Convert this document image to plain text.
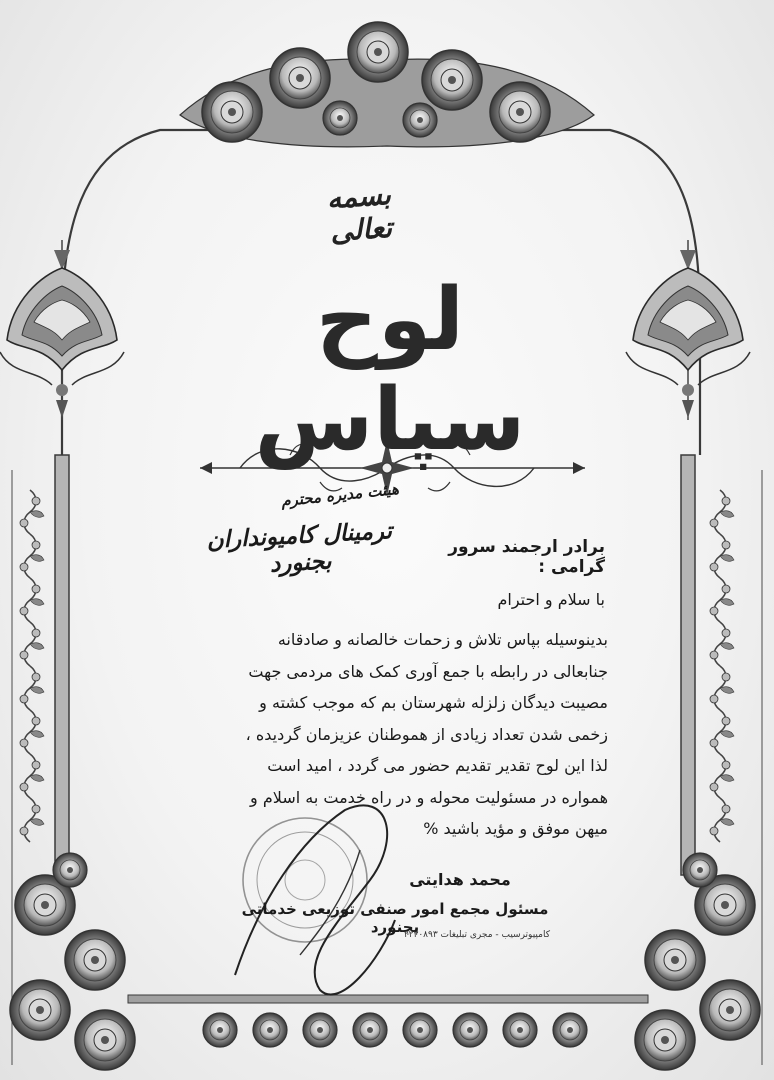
بسمه تعالی
لوح سپاس
هیئت مدیره محترم
ترمینال کامیونداران بجنورد
برادر ارجمند سرور گرامی :
با سلام و احترام
بدینوسیله بپاس تلاش و زحمات خالصانه و صادقانه
جنابعالی در رابطه با جمع آوری کمک های مردمی جهت
مصیبت دیدگان زلزله شهرستان بم که موجب کشته و
زخمی شدن تعداد زیادی از هموطنان عزیزمان گردیده ،
لذا این لوح تقدیر تقدیم حضور می گردد ، امید است
همواره در مسئولیت محوله و در راه خدمت به اسلام و
میهن موفق و مؤید باشید %
محمد هدایتی
مسئول مجمع امور صنفی توزیعی خدماتی بجنورد
کامپیوترسیب - مجری تبلیغات ۲۲۳۰۸۹۳
